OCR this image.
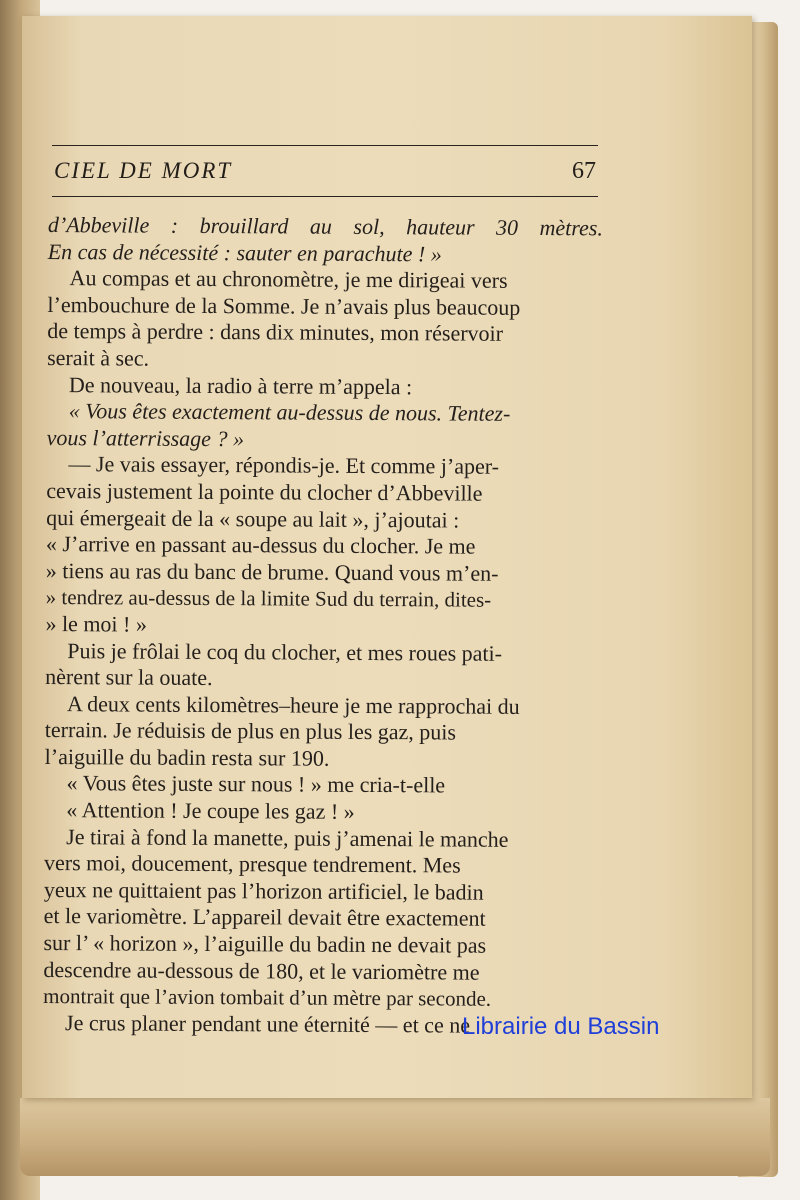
CIEL DE MORT	67
d’Abbeville : brouillard au sol, hauteur 30 mètres.
En cas de nécessité : sauter en parachute ! »
Au compas et au chronomètre, je me dirigeai vers
l’embouchure de la Somme. Je n’avais plus beaucoup
de temps à perdre : dans dix minutes, mon réservoir
serait à sec.
De nouveau, la radio à terre m’appela :
« Vous êtes exactement au-dessus de nous. Tentez-
vous l’atterrissage ? »
— Je vais essayer, répondis-je. Et comme j’aper-
cevais justement la pointe du clocher d’Abbeville
qui émergeait de la « soupe au lait », j’ajoutai :
« J’arrive en passant au-dessus du clocher. Je me
» tiens au ras du banc de brume. Quand vous m’en-
» tendrez au-dessus de la limite Sud du terrain, dites-
» le moi ! »
Puis je frôlai le coq du clocher, et mes roues pati-
nèrent sur la ouate.
A deux cents kilomètres–heure je me rapprochai du
terrain. Je réduisis de plus en plus les gaz, puis
l’aiguille du badin resta sur 190.
« Vous êtes juste sur nous ! » me cria-t-elle
« Attention ! Je coupe les gaz ! »
Je tirai à fond la manette, puis j’amenai le manche
vers moi, doucement, presque tendrement. Mes
yeux ne quittaient pas l’horizon artificiel, le badin
et le variomètre. L’appareil devait être exactement
sur l’ « horizon », l’aiguille du badin ne devait pas
descendre au-dessous de 180, et le variomètre me
montrait que l’avion tombait d’un mètre par seconde.
Je crus planer pendant une éternité — et ce ne
Librairie du Bassin
